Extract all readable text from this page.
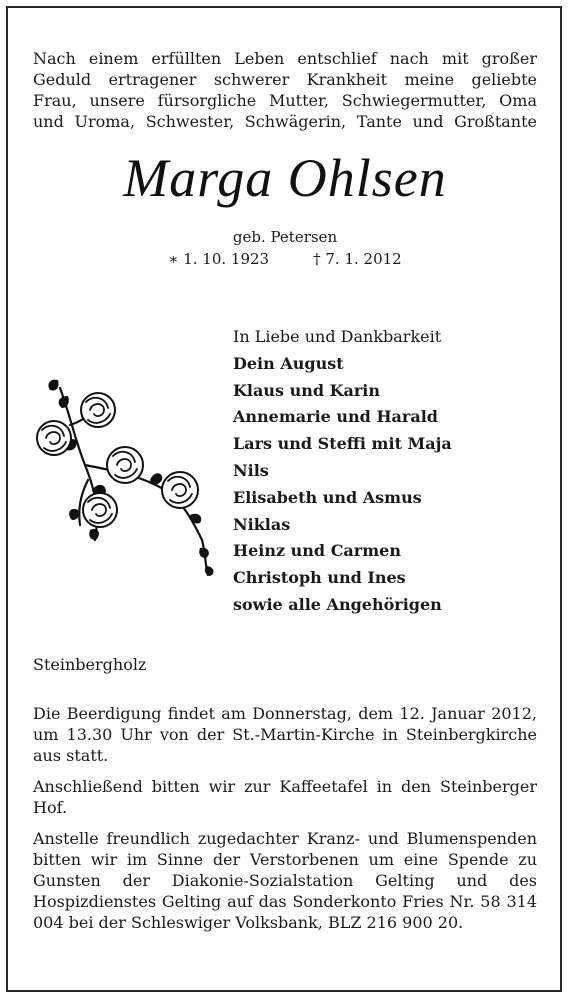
Nach einem erfüllten Leben entschlief nach mit großer
Geduld ertragener schwerer Krankheit meine geliebte
Frau, unsere fürsorgliche Mutter, Schwiegermutter, Oma
und Uroma, Schwester, Schwägerin, Tante und Großtante
Marga Ohlsen
geb. Petersen
∗ 1. 10. 1923	† 7. 1. 2012
In Liebe und Dankbarkeit
Dein August
Klaus und Karin
Annemarie und Harald
Lars und Steffi mit Maja
Nils
Elisabeth und Asmus
Niklas
Heinz und Carmen
Christoph und Ines
sowie alle Angehörigen
Steinbergholz
Die Beerdigung findet am Donnerstag, dem 12. Januar 2012, um 13.30 Uhr von der St.-Martin-Kirche in Steinbergkirche aus statt.
Anschließend bitten wir zur Kaffeetafel in den Steinberger Hof.
Anstelle freundlich zugedachter Kranz- und Blumenspenden bitten wir im Sinne der Verstorbenen um eine Spende zu Gunsten der Diakonie-Sozialstation Gelting und des Hospizdienstes Gelting auf das Sonderkonto Fries Nr. 58 314 004 bei der Schleswiger Volksbank, BLZ 216 900 20.
